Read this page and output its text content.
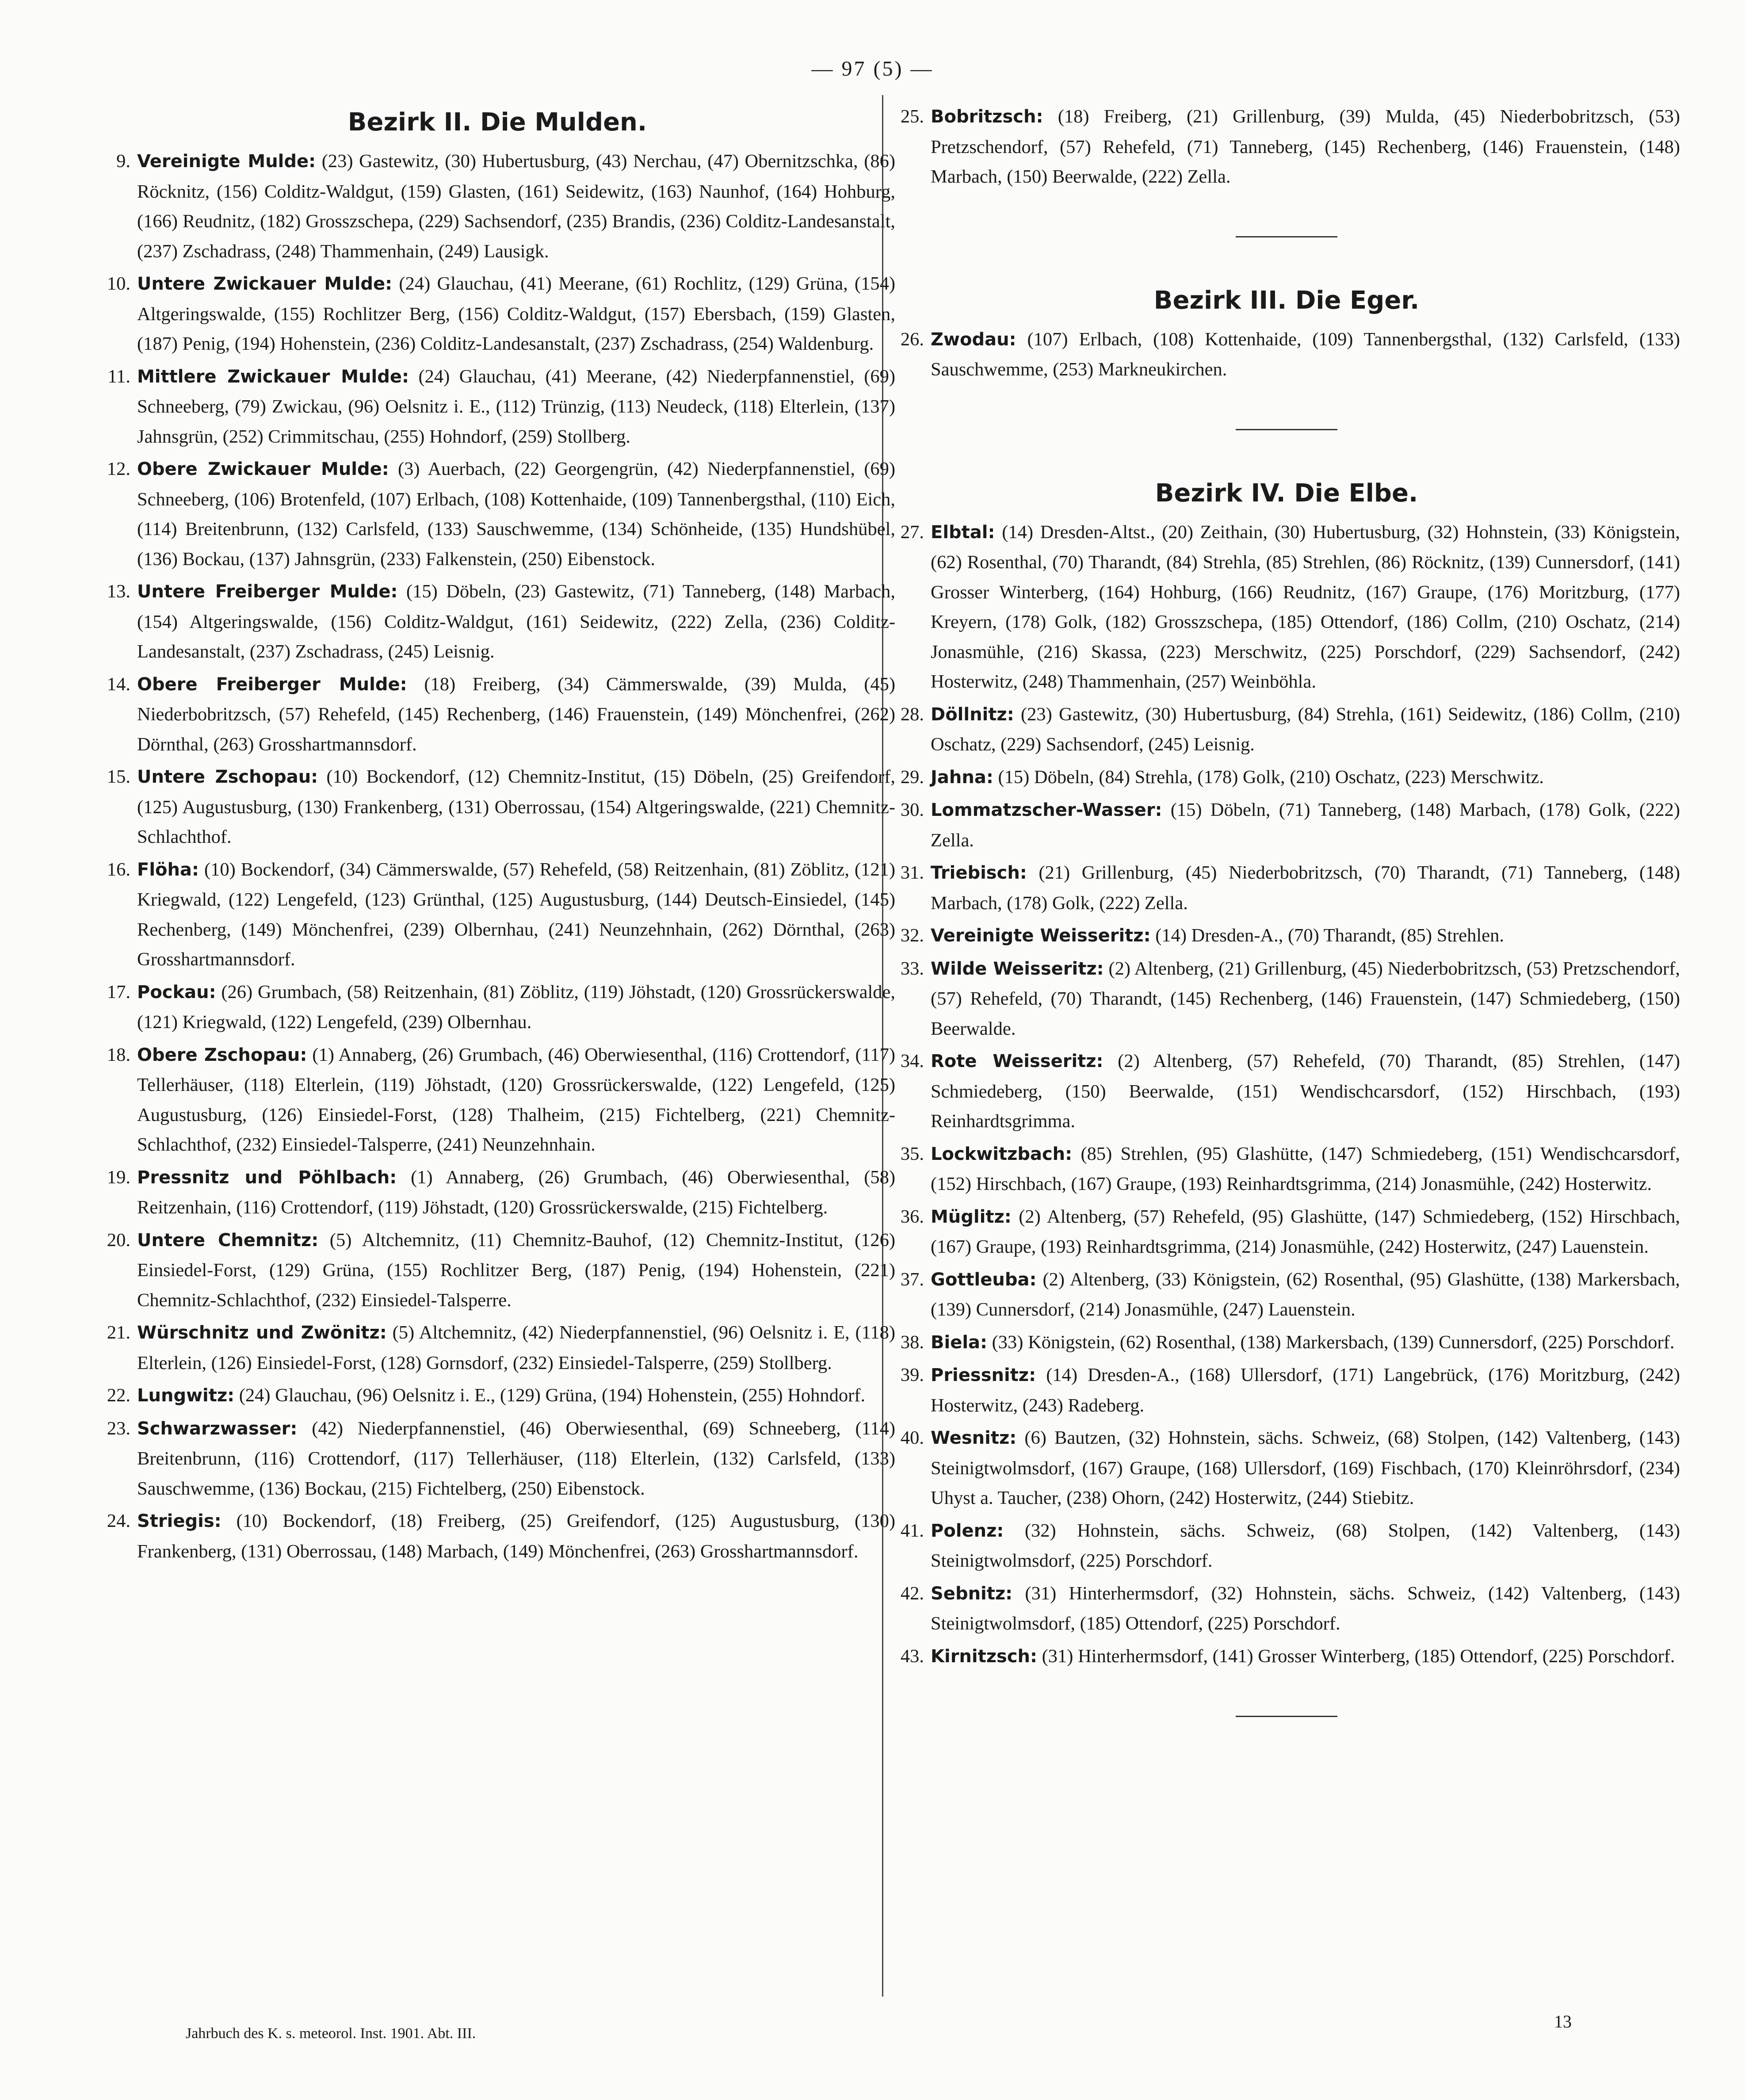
— 97 (5) —
Bezirk II. Die Mulden.
9. Vereinigte Mulde: (23) Gastewitz, (30) Hubertusburg, (43) Nerchau, (47) Obernitzschka, (86) Röcknitz, (156) Colditz-Waldgut, (159) Glasten, (161) Seidewitz, (163) Naunhof, (164) Hohburg, (166) Reudnitz, (182) Grosszschepa, (229) Sachsendorf, (235) Brandis, (236) Colditz-Landesanstalt, (237) Zschadrass, (248) Thammenhain, (249) Lausigk.
10. Untere Zwickauer Mulde: (24) Glauchau, (41) Meerane, (61) Rochlitz, (129) Grüna, (154) Altgeringswalde, (155) Rochlitzer Berg, (156) Colditz-Waldgut, (157) Ebersbach, (159) Glasten, (187) Penig, (194) Hohenstein, (236) Colditz-Landesanstalt, (237) Zschadrass, (254) Waldenburg.
11. Mittlere Zwickauer Mulde: (24) Glauchau, (41) Meerane, (42) Niederpfannenstiel, (69) Schneeberg, (79) Zwickau, (96) Oelsnitz i. E., (112) Trünzig, (113) Neudeck, (118) Elterlein, (137) Jahnsgrün, (252) Crimmitschau, (255) Hohndorf, (259) Stollberg.
12. Obere Zwickauer Mulde: (3) Auerbach, (22) Georgengrün, (42) Niederpfannenstiel, (69) Schneeberg, (106) Brotenfeld, (107) Erlbach, (108) Kottenhaide, (109) Tannenbergsthal, (110) Eich, (114) Breitenbrunn, (132) Carlsfeld, (133) Sauschwemme, (134) Schönheide, (135) Hundshübel, (136) Bockau, (137) Jahnsgrün, (233) Falkenstein, (250) Eibenstock.
13. Untere Freiberger Mulde: (15) Döbeln, (23) Gastewitz, (71) Tanneberg, (148) Marbach, (154) Altgeringswalde, (156) Colditz-Waldgut, (161) Seidewitz, (222) Zella, (236) Colditz-Landesanstalt, (237) Zschadrass, (245) Leisnig.
14. Obere Freiberger Mulde: (18) Freiberg, (34) Cämmerswalde, (39) Mulda, (45) Niederbobritzsch, (57) Rehefeld, (145) Rechenberg, (146) Frauenstein, (149) Mönchenfrei, (262) Dörnthal, (263) Grosshartmannsdorf.
15. Untere Zschopau: (10) Bockendorf, (12) Chemnitz-Institut, (15) Döbeln, (25) Greifendorf, (125) Augustusburg, (130) Frankenberg, (131) Oberrossau, (154) Altgeringswalde, (221) Chemnitz-Schlachthof.
16. Flöha: (10) Bockendorf, (34) Cämmerswalde, (57) Rehefeld, (58) Reitzenhain, (81) Zöblitz, (121) Kriegwald, (122) Lengefeld, (123) Grünthal, (125) Augustusburg, (144) Deutsch-Einsiedel, (145) Rechenberg, (149) Mönchenfrei, (239) Olbernhau, (241) Neunzehnhain, (262) Dörnthal, (263) Grosshartmannsdorf.
17. Pockau: (26) Grumbach, (58) Reitzenhain, (81) Zöblitz, (119) Jöhstadt, (120) Grossrückerswalde, (121) Kriegwald, (122) Lengefeld, (239) Olbernhau.
18. Obere Zschopau: (1) Annaberg, (26) Grumbach, (46) Oberwiesenthal, (116) Crottendorf, (117) Tellerhäuser, (118) Elterlein, (119) Jöhstadt, (120) Grossrückerswalde, (122) Lengefeld, (125) Augustusburg, (126) Einsiedel-Forst, (128) Thalheim, (215) Fichtelberg, (221) Chemnitz-Schlachthof, (232) Einsiedel-Talsperre, (241) Neunzehnhain.
19. Pressnitz und Pöhlbach: (1) Annaberg, (26) Grumbach, (46) Oberwiesenthal, (58) Reitzenhain, (116) Crottendorf, (119) Jöhstadt, (120) Grossrückerswalde, (215) Fichtelberg.
20. Untere Chemnitz: (5) Altchemnitz, (11) Chemnitz-Bauhof, (12) Chemnitz-Institut, (126) Einsiedel-Forst, (129) Grüna, (155) Rochlitzer Berg, (187) Penig, (194) Hohenstein, (221) Chemnitz-Schlachthof, (232) Einsiedel-Talsperre.
21. Würschnitz und Zwönitz: (5) Altchemnitz, (42) Niederpfannenstiel, (96) Oelsnitz i. E, (118) Elterlein, (126) Einsiedel-Forst, (128) Gornsdorf, (232) Einsiedel-Talsperre, (259) Stollberg.
22. Lungwitz: (24) Glauchau, (96) Oelsnitz i. E., (129) Grüna, (194) Hohenstein, (255) Hohndorf.
23. Schwarzwasser: (42) Niederpfannenstiel, (46) Oberwiesenthal, (69) Schneeberg, (114) Breitenbrunn, (116) Crottendorf, (117) Tellerhäuser, (118) Elterlein, (132) Carlsfeld, (133) Sauschwemme, (136) Bockau, (215) Fichtelberg, (250) Eibenstock.
24. Striegis: (10) Bockendorf, (18) Freiberg, (25) Greifendorf, (125) Augustusburg, (130) Frankenberg, (131) Oberrossau, (148) Marbach, (149) Mönchenfrei, (263) Grosshartmannsdorf.
25. Bobritzsch: (18) Freiberg, (21) Grillenburg, (39) Mulda, (45) Niederbobritzsch, (53) Pretzschendorf, (57) Rehefeld, (71) Tanneberg, (145) Rechenberg, (146) Frauenstein, (148) Marbach, (150) Beerwalde, (222) Zella.
Bezirk III. Die Eger.
26. Zwodau: (107) Erlbach, (108) Kottenhaide, (109) Tannenbergsthal, (132) Carlsfeld, (133) Sauschwemme, (253) Markneukirchen.
Bezirk IV. Die Elbe.
27. Elbtal: (14) Dresden-Altst., (20) Zeithain, (30) Hubertusburg, (32) Hohnstein, (33) Königstein, (62) Rosenthal, (70) Tharandt, (84) Strehla, (85) Strehlen, (86) Röcknitz, (139) Cunnersdorf, (141) Grosser Winterberg, (164) Hohburg, (166) Reudnitz, (167) Graupe, (176) Moritzburg, (177) Kreyern, (178) Golk, (182) Grosszschepa, (185) Ottendorf, (186) Collm, (210) Oschatz, (214) Jonasmühle, (216) Skassa, (223) Merschwitz, (225) Porschdorf, (229) Sachsendorf, (242) Hosterwitz, (248) Thammenhain, (257) Weinböhla.
28. Döllnitz: (23) Gastewitz, (30) Hubertusburg, (84) Strehla, (161) Seidewitz, (186) Collm, (210) Oschatz, (229) Sachsendorf, (245) Leisnig.
29. Jahna: (15) Döbeln, (84) Strehla, (178) Golk, (210) Oschatz, (223) Merschwitz.
30. Lommatzscher-Wasser: (15) Döbeln, (71) Tanneberg, (148) Marbach, (178) Golk, (222) Zella.
31. Triebisch: (21) Grillenburg, (45) Niederbobritzsch, (70) Tharandt, (71) Tanneberg, (148) Marbach, (178) Golk, (222) Zella.
32. Vereinigte Weisseritz: (14) Dresden-A., (70) Tharandt, (85) Strehlen.
33. Wilde Weisseritz: (2) Altenberg, (21) Grillenburg, (45) Niederbobritzsch, (53) Pretzschendorf, (57) Rehefeld, (70) Tharandt, (145) Rechenberg, (146) Frauenstein, (147) Schmiedeberg, (150) Beerwalde.
34. Rote Weisseritz: (2) Altenberg, (57) Rehefeld, (70) Tharandt, (85) Strehlen, (147) Schmiedeberg, (150) Beerwalde, (151) Wendischcarsdorf, (152) Hirschbach, (193) Reinhardtsgrimma.
35. Lockwitzbach: (85) Strehlen, (95) Glashütte, (147) Schmiedeberg, (151) Wendischcarsdorf, (152) Hirschbach, (167) Graupe, (193) Reinhardtsgrimma, (214) Jonasmühle, (242) Hosterwitz.
36. Müglitz: (2) Altenberg, (57) Rehefeld, (95) Glashütte, (147) Schmiedeberg, (152) Hirschbach, (167) Graupe, (193) Reinhardtsgrimma, (214) Jonasmühle, (242) Hosterwitz, (247) Lauenstein.
37. Gottleuba: (2) Altenberg, (33) Königstein, (62) Rosenthal, (95) Glashütte, (138) Markersbach, (139) Cunnersdorf, (214) Jonasmühle, (247) Lauenstein.
38. Biela: (33) Königstein, (62) Rosenthal, (138) Markersbach, (139) Cunnersdorf, (225) Porschdorf.
39. Priessnitz: (14) Dresden-A., (168) Ullersdorf, (171) Langebrück, (176) Moritzburg, (242) Hosterwitz, (243) Radeberg.
40. Wesnitz: (6) Bautzen, (32) Hohnstein, sächs. Schweiz, (68) Stolpen, (142) Valtenberg, (143) Steinigtwolmsdorf, (167) Graupe, (168) Ullersdorf, (169) Fischbach, (170) Kleinröhrsdorf, (234) Uhyst a. Taucher, (238) Ohorn, (242) Hosterwitz, (244) Stiebitz.
41. Polenz: (32) Hohnstein, sächs. Schweiz, (68) Stolpen, (142) Valtenberg, (143) Steinigtwolmsdorf, (225) Porschdorf.
42. Sebnitz: (31) Hinterhermsdorf, (32) Hohnstein, sächs. Schweiz, (142) Valtenberg, (143) Steinigtwolmsdorf, (185) Ottendorf, (225) Porschdorf.
43. Kirnitzsch: (31) Hinterhermsdorf, (141) Grosser Winterberg, (185) Ottendorf, (225) Porschdorf.
Jahrbuch des K. s. meteorol. Inst. 1901. Abt. III.
13
